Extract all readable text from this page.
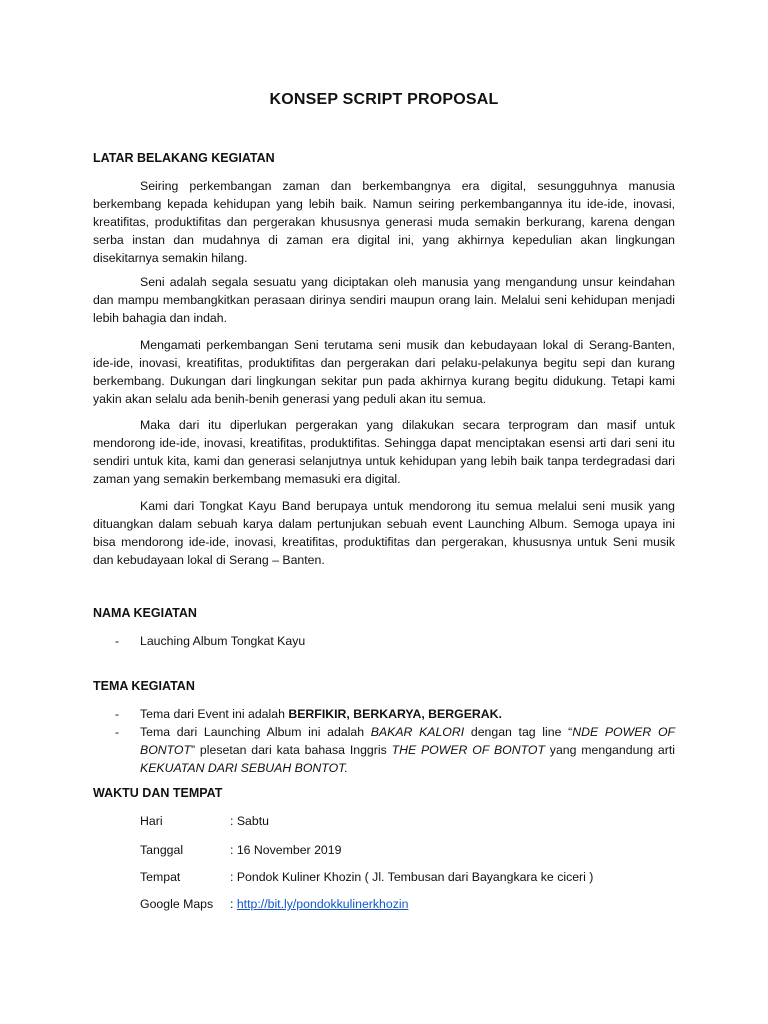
KONSEP SCRIPT PROPOSAL
LATAR BELAKANG KEGIATAN

Seiring perkembangan zaman dan berkembangnya era digital, sesungguhnya manusia berkembang kepada kehidupan yang lebih baik. Namun seiring perkembangannya itu ide-ide, inovasi, kreatifitas, produktifitas dan pergerakan khususnya generasi muda semakin berkurang, karena dengan serba instan dan mudahnya di zaman era digital ini, yang akhirnya kepedulian akan lingkungan disekitarnya semakin hilang.

Seni adalah segala sesuatu yang diciptakan oleh manusia yang mengandung unsur keindahan dan mampu membangkitkan perasaan dirinya sendiri maupun orang lain. Melalui seni kehidupan menjadi lebih bahagia dan indah.

Mengamati perkembangan Seni terutama seni musik dan kebudayaan lokal di Serang-Banten, ide-ide, inovasi, kreatifitas, produktifitas dan pergerakan dari pelaku-pelakunya begitu sepi dan kurang berkembang. Dukungan dari lingkungan sekitar pun pada akhirnya kurang begitu didukung. Tetapi kami yakin akan selalu ada benih-benih generasi yang peduli akan itu semua.

Maka dari itu diperlukan pergerakan yang dilakukan secara terprogram dan masif untuk mendorong ide-ide, inovasi, kreatifitas, produktifitas. Sehingga dapat menciptakan esensi arti dari seni itu sendiri untuk kita, kami dan generasi selanjutnya untuk kehidupan yang lebih baik tanpa terdegradasi dari zaman yang semakin berkembang memasuki era digital.

Kami dari Tongkat Kayu Band berupaya untuk mendorong itu semua melalui seni musik yang dituangkan dalam sebuah karya dalam pertunjukan sebuah event Launching Album. Semoga upaya ini bisa mendorong ide-ide, inovasi, kreatifitas, produktifitas dan pergerakan, khususnya untuk Seni musik dan kebudayaan lokal di Serang – Banten.

NAMA KEGIATAN
- Lauching Album Tongkat Kayu
TEMA KEGIATAN
- Tema dari Event ini adalah BERFIKIR, BERKARYA, BERGERAK.
- Tema dari Launching Album ini adalah BAKAR KALORI dengan tag line “NDE POWER OF BONTOT” plesetan dari kata bahasa Inggris THE POWER OF BONTOT yang mengandung arti KEKUATAN DARI SEBUAH BONTOT.
WAKTU DAN TEMPAT
Hari	: Sabtu
Tanggal	: 16 November 2019
Tempat	: Pondok Kuliner Khozin ( Jl. Tembusan dari Bayangkara ke ciceri )
Google Maps	: http://bit.ly/pondokkulinerkhozin
